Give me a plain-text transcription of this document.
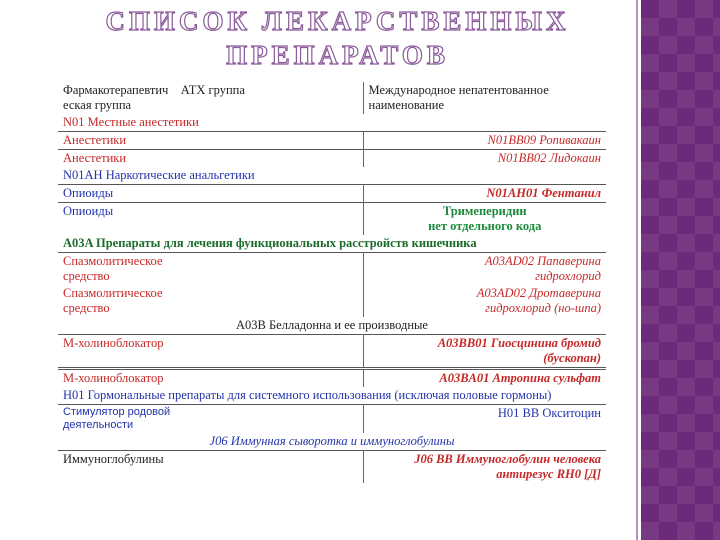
СПИСОК ЛЕКАРСТВЕННЫХ
ПРЕПАРАТОВ
Фармакотерапевтич АТХ группа
еская группа	Международное непатентованное наименование
N01 Местные анестетики	
Анестетики	N01BB09 Ропивакаин
Анестетики	N01BB02 Лидокаин
N01AH Наркотические анальгетики	
Опиоиды	N01AH01 Фентанил
Опиоиды	Тримеперидин
нет отдельного кода
A03A Препараты для лечения функциональных расстройств кишечника	
Спазмолитическое
средство	A03AD02 Папаверина
гидрохлорид
Спазмолитическое
средство	A03AD02 Дротаверина
гидрохлорид (но-шпа)
A03B Белладонна и ее производные	
М-холиноблокатор	A03BB01 Гиосцинина бромид
(бускопан)
М-холиноблокатор	A03BA01 Атропина сульфат
H01 Гормональные препараты для системного использования (исключая половые гормоны)	
Стимулятор родовой
деятельности	H01 BB Окситоцин
J06 Иммунная сыворотка и иммуноглобулины	
Иммуноглобулины	J06 BB Иммуноглобулин человека
антирезус RH0 [Д]
